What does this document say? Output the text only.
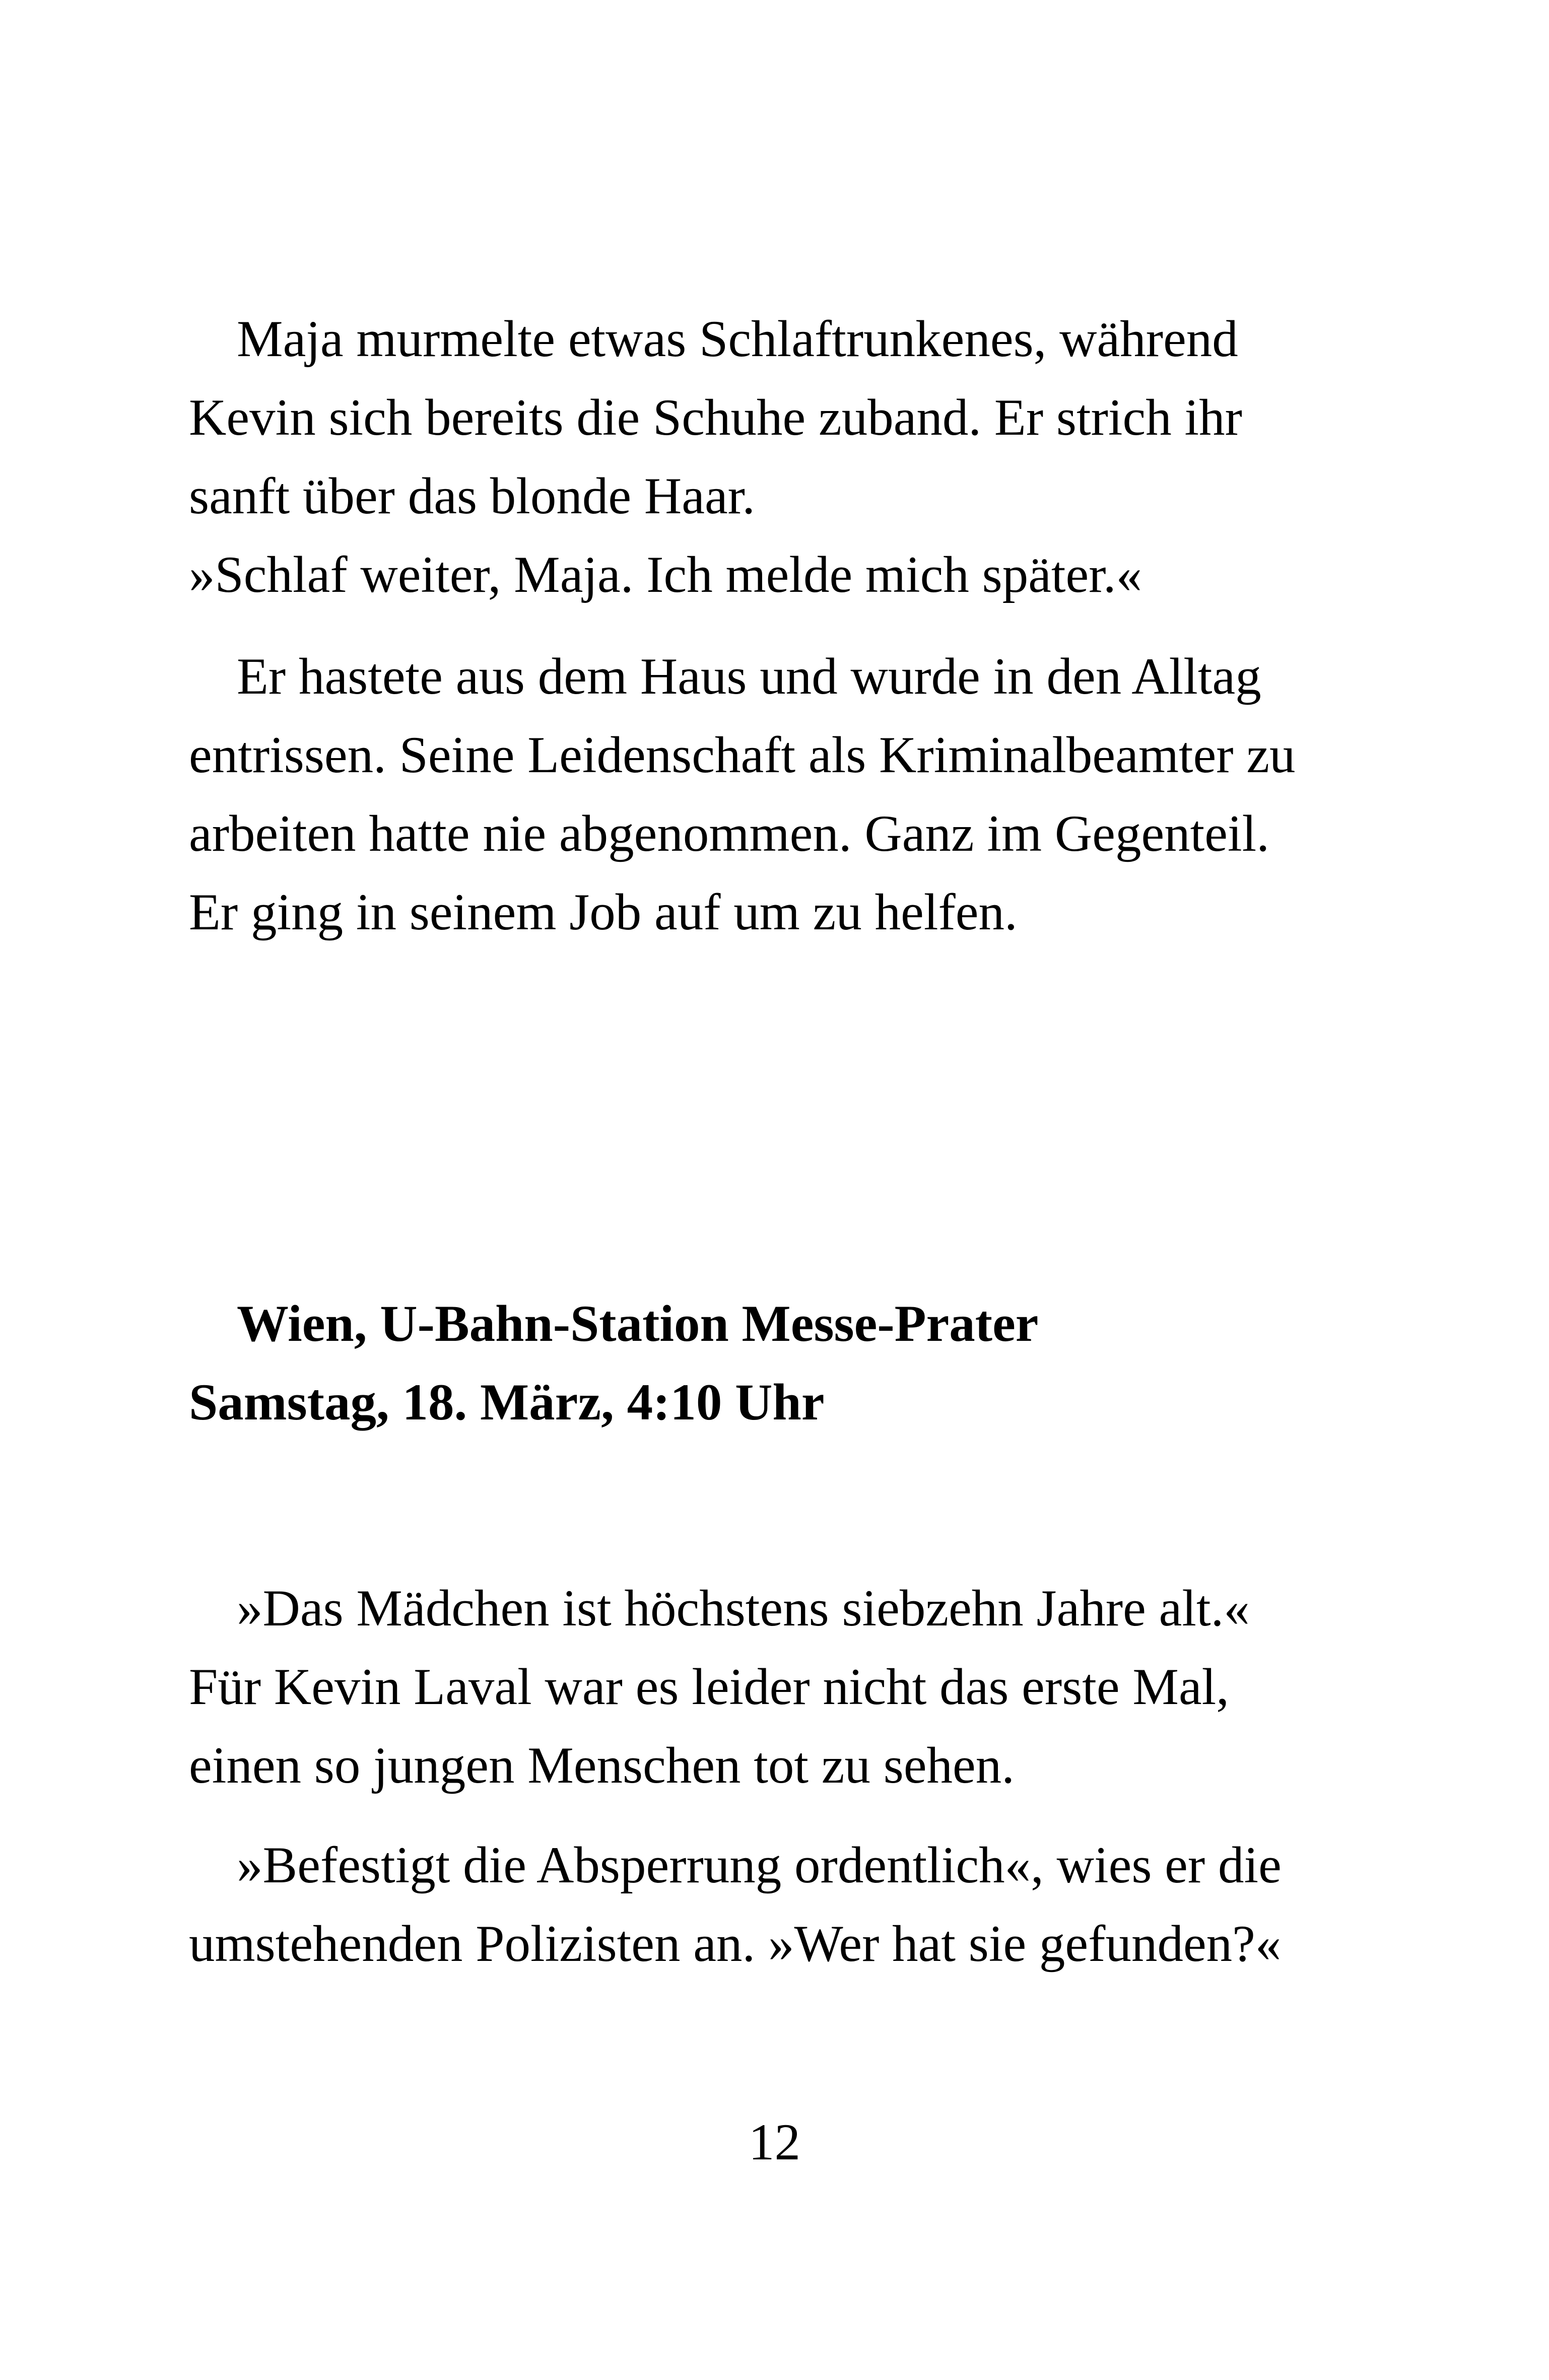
Maja murmelte etwas Schlaftrunkenes, während
Kevin sich bereits die Schuhe zuband. Er strich ihr
sanft über das blonde Haar.
»Schlaf weiter, Maja. Ich melde mich später.«
Er hastete aus dem Haus und wurde in den Alltag
entrissen. Seine Leidenschaft als Kriminalbeamter zu
arbeiten hatte nie abgenommen. Ganz im Gegenteil.
Er ging in seinem Job auf um zu helfen.
Wien, U-Bahn-Station Messe-Prater
Samstag, 18. März, 4:10 Uhr
»Das Mädchen ist höchstens siebzehn Jahre alt.«
Für Kevin Laval war es leider nicht das erste Mal,
einen so jungen Menschen tot zu sehen.
»Befestigt die Absperrung ordentlich«, wies er die
umstehenden Polizisten an. »Wer hat sie gefunden?«
12
